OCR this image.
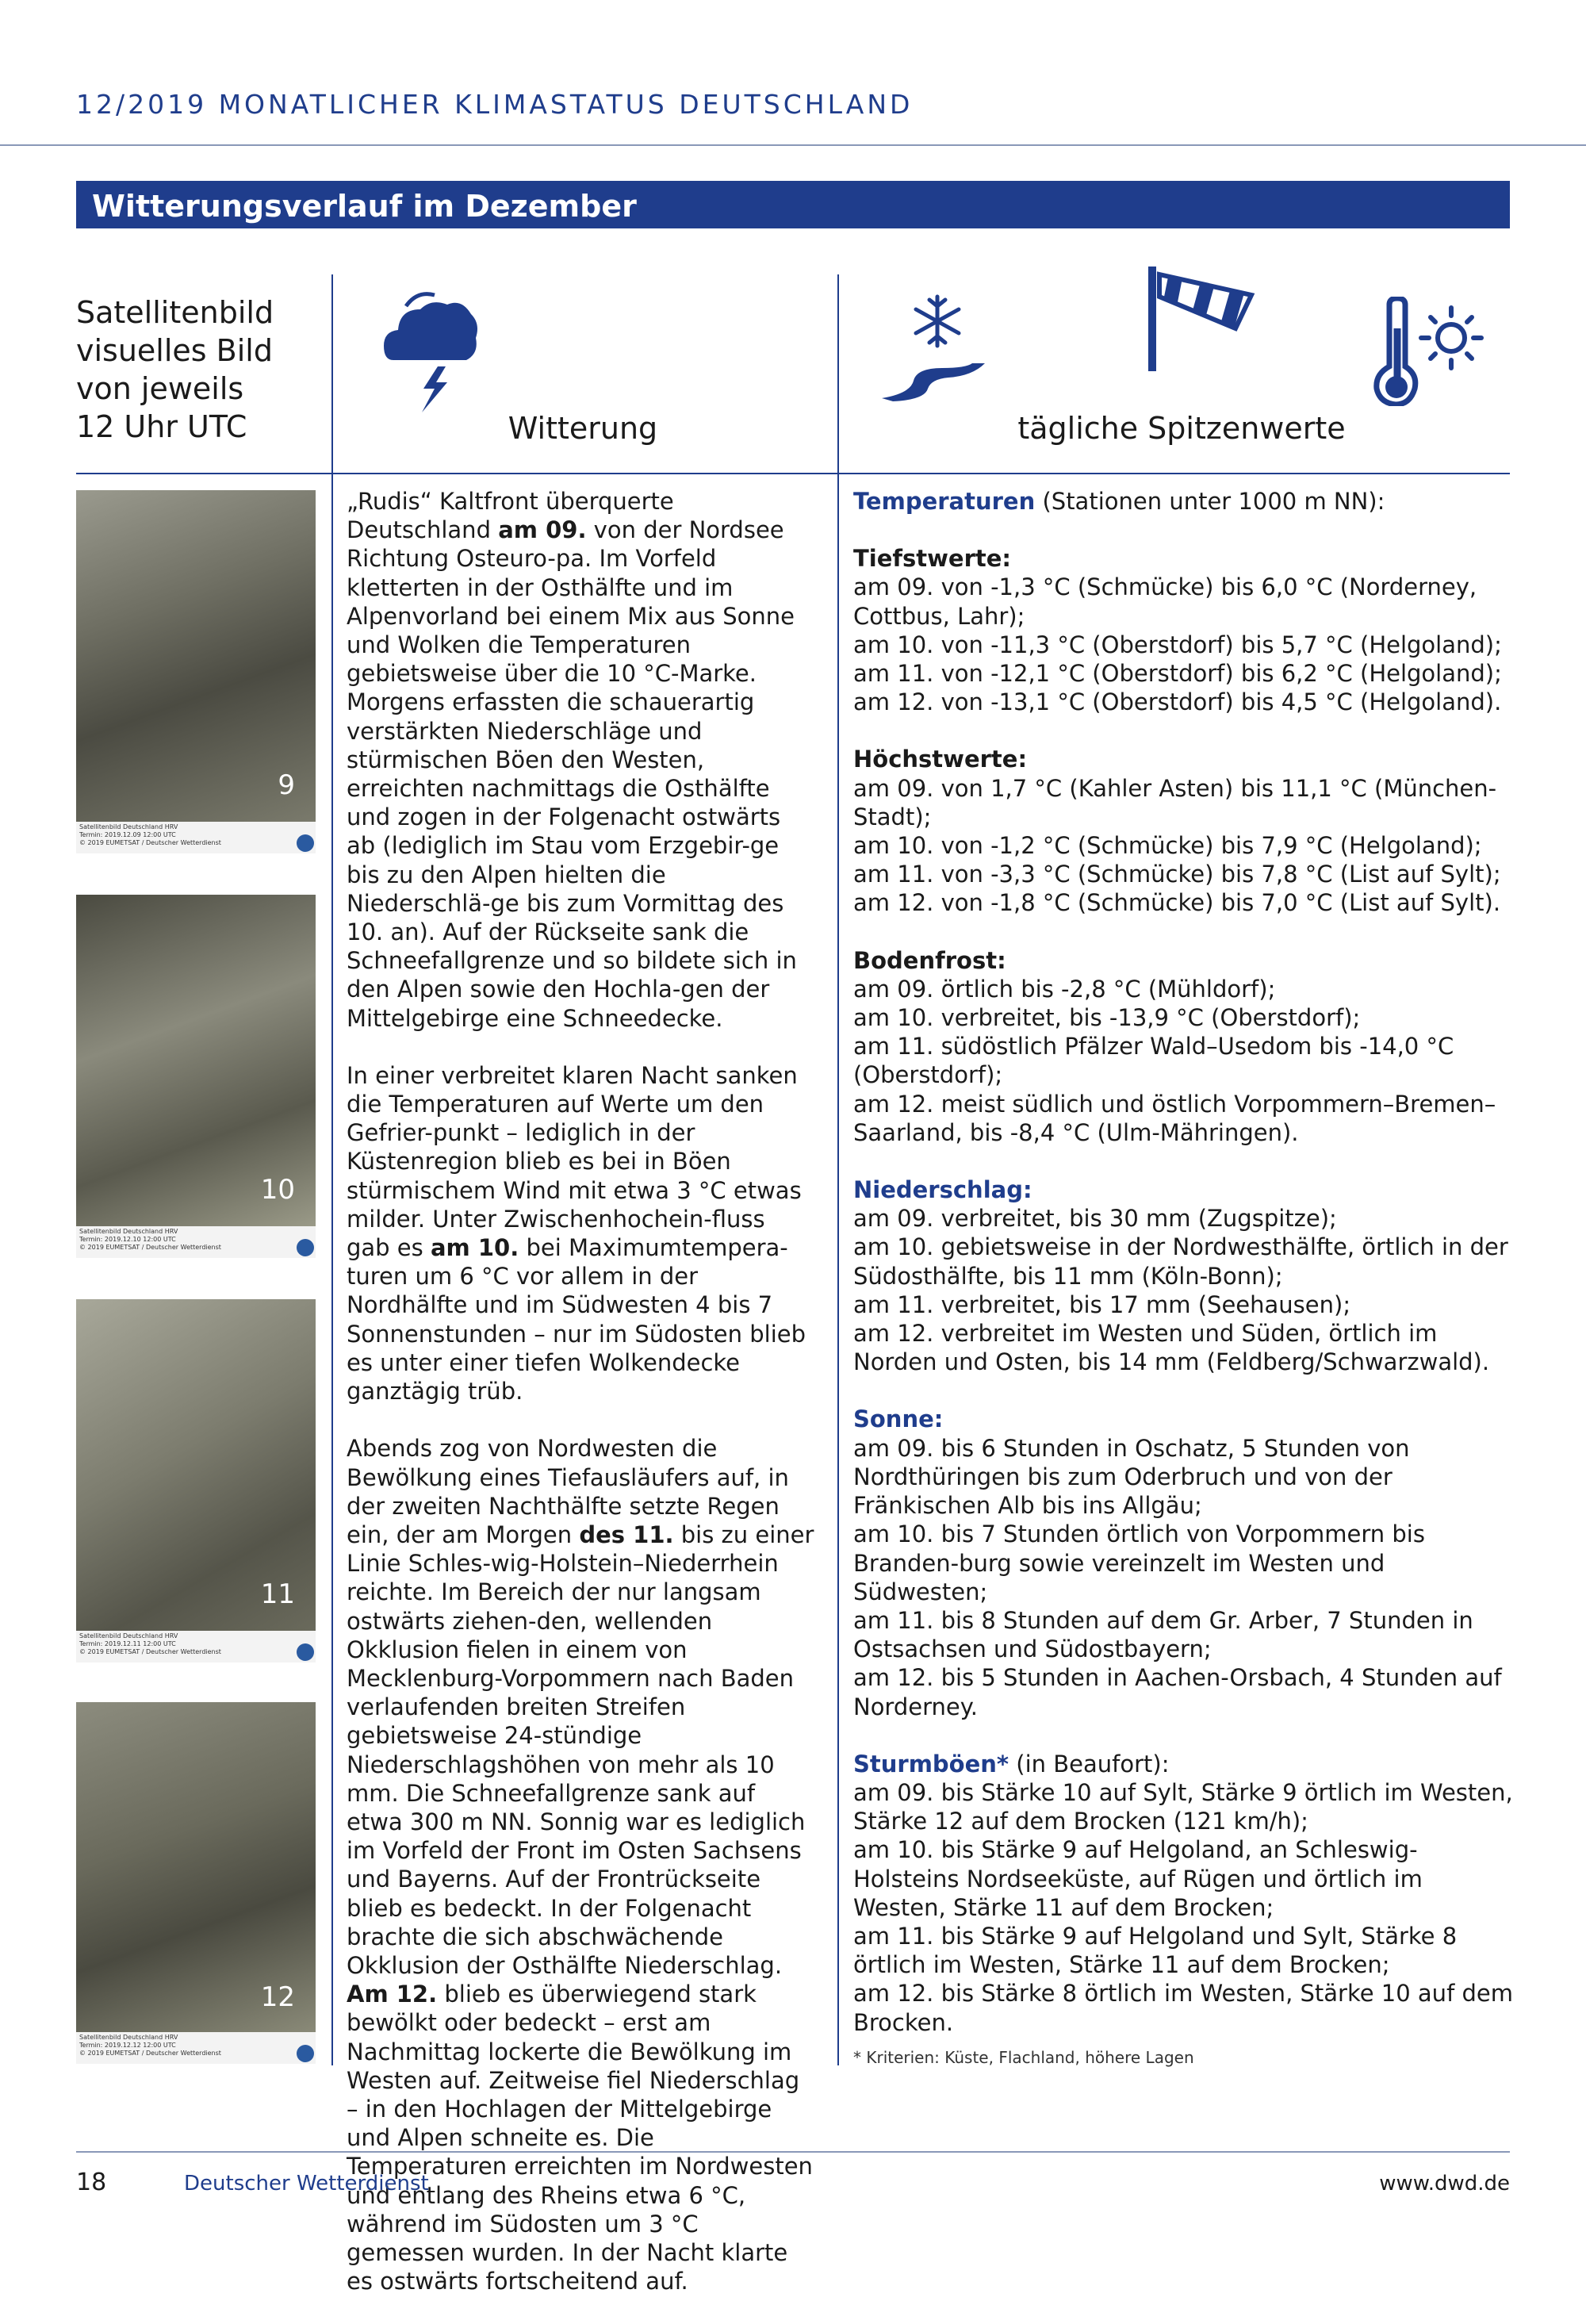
12/2019 MONATLICHER KLIMASTATUS DEUTSCHLAND
Witterungsverlauf im Dezember
Satellitenbild
visuelles Bild
von jeweils
12 Uhr UTC	Witterung	tägliche Spitzenwerte
9
Satellitenbild Deutschland HRV
Termin: 2019.12.09 12:00 UTC
© 2019 EUMETSAT / Deutscher Wetterdienst
10
Satellitenbild Deutschland HRV
Termin: 2019.12.10 12:00 UTC
© 2019 EUMETSAT / Deutscher Wetterdienst
11
Satellitenbild Deutschland HRV
Termin: 2019.12.11 12:00 UTC
© 2019 EUMETSAT / Deutscher Wetterdienst
12
Satellitenbild Deutschland HRV
Termin: 2019.12.12 12:00 UTC
© 2019 EUMETSAT / Deutscher Wetterdienst

„Rudis“ Kaltfront überquerte Deutschland am 09. von der Nordsee Richtung Osteuro-pa. Im Vorfeld kletterten in der Osthälfte und im Alpenvorland bei einem Mix aus Sonne und Wolken die Temperaturen gebietsweise über die 10 °C-Marke. Morgens erfassten die schauerartig verstärkten Niederschläge und stürmischen Böen den Westen, erreichten nachmittags die Osthälfte und zogen in der Folgenacht ostwärts ab (lediglich im Stau vom Erzgebir-ge bis zu den Alpen hielten die Niederschlä-ge bis zum Vormittag des 10. an). Auf der Rückseite sank die Schneefallgrenze und so bildete sich in den Alpen sowie den Hochla-gen der Mittelgebirge eine Schneedecke.

In einer verbreitet klaren Nacht sanken die Temperaturen auf Werte um den Gefrier-punkt – lediglich in der Küstenregion blieb es bei in Böen stürmischem Wind mit etwa 3 °C etwas milder. Unter Zwischenhochein-fluss gab es am 10. bei Maximumtempera-turen um 6 °C vor allem in der Nordhälfte und im Südwesten 4 bis 7 Sonnenstunden – nur im Südosten blieb es unter einer tiefen Wolkendecke ganztägig trüb.

Abends zog von Nordwesten die Bewölkung eines Tiefausläufers auf, in der zweiten Nachthälfte setzte Regen ein, der am Morgen des 11. bis zu einer Linie Schles-wig-Holstein–Niederrhein reichte. Im Bereich der nur langsam ostwärts ziehen-den, wellenden Okklusion fielen in einem von Mecklenburg-Vorpommern nach Baden verlaufenden breiten Streifen gebietsweise 24-stündige Niederschlagshöhen von mehr als 10 mm. Die Schneefallgrenze sank auf etwa 300 m NN. Sonnig war es lediglich im Vorfeld der Front im Osten Sachsens und Bayerns. Auf der Frontrückseite blieb es bedeckt. In der Folgenacht brachte die sich abschwächende Okklusion der Osthälfte Niederschlag.

Am 12. blieb es überwiegend stark bewölkt oder bedeckt – erst am Nachmittag lockerte die Bewölkung im Westen auf. Zeitweise fiel Niederschlag – in den Hochlagen der Mittelgebirge und Alpen schneite es. Die Temperaturen erreichten im Nordwesten und entlang des Rheins etwa 6 °C, während im Südosten um 3 °C gemessen wurden. In der Nacht klarte es ostwärts fortscheitend auf.

Temperaturen (Stationen unter 1000 m NN):
Tiefstwerte:
am 09. von -1,3 °C (Schmücke) bis 6,0 °C (Norderney, Cottbus, Lahr);
am 10. von -11,3 °C (Oberstdorf) bis 5,7 °C (Helgoland);
am 11. von -12,1 °C (Oberstdorf) bis 6,2 °C (Helgoland);
am 12. von -13,1 °C (Oberstdorf) bis 4,5 °C (Helgoland).
Höchstwerte:
am 09. von 1,7 °C (Kahler Asten) bis 11,1 °C (München-Stadt);
am 10. von -1,2 °C (Schmücke) bis 7,9 °C (Helgoland);
am 11. von -3,3 °C (Schmücke) bis 7,8 °C (List auf Sylt);
am 12. von -1,8 °C (Schmücke) bis 7,0 °C (List auf Sylt).
Bodenfrost:
am 09. örtlich bis -2,8 °C (Mühldorf);
am 10. verbreitet, bis -13,9 °C (Oberstdorf);
am 11. südöstlich Pfälzer Wald–Usedom bis -14,0 °C (Oberstdorf);
am 12. meist südlich und östlich Vorpommern–Bremen–Saarland, bis -8,4 °C (Ulm-Mähringen).
Niederschlag:
am 09. verbreitet, bis 30 mm (Zugspitze);
am 10. gebietsweise in der Nordwesthälfte, örtlich in der Südosthälfte, bis 11 mm (Köln-Bonn);
am 11. verbreitet, bis 17 mm (Seehausen);
am 12. verbreitet im Westen und Süden, örtlich im Norden und Osten, bis 14 mm (Feldberg/Schwarzwald).
Sonne:
am 09. bis 6 Stunden in Oschatz, 5 Stunden von Nordthüringen bis zum Oderbruch und von der Fränkischen Alb bis ins Allgäu;
am 10. bis 7 Stunden örtlich von Vorpommern bis Branden-burg sowie vereinzelt im Westen und Südwesten;
am 11. bis 8 Stunden auf dem Gr. Arber, 7 Stunden in Ostsachsen und Südostbayern;
am 12. bis 5 Stunden in Aachen-Orsbach, 4 Stunden auf Norderney.
Sturmböen* (in Beaufort):
am 09. bis Stärke 10 auf Sylt, Stärke 9 örtlich im Westen, Stärke 12 auf dem Brocken (121 km/h);
am 10. bis Stärke 9 auf Helgoland, an Schleswig-Holsteins Nordseeküste, auf Rügen und örtlich im Westen, Stärke 11 auf dem Brocken;
am 11. bis Stärke 9 auf Helgoland und Sylt, Stärke 8 örtlich im Westen, Stärke 11 auf dem Brocken;
am 12. bis Stärke 8 örtlich im Westen, Stärke 10 auf dem Brocken.
* Kriterien: Küste, Flachland, höhere Lagen
18	Deutscher Wetterdienst	www.dwd.de
